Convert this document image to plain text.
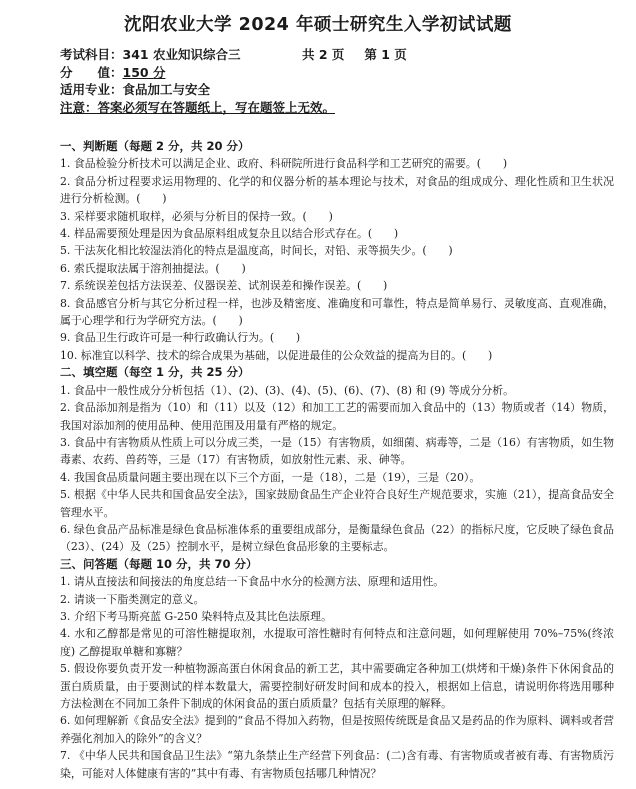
沈阳农业大学 2024 年硕士研究生入学初试试题
考试科目： 341 农业知识综合三	共 2 页 第 1 页
分　　值： 150 分
适用专业： 食品加工与安全
注意：答案必须写在答题纸上，写在题签上无效。

一、判断题（每题 2 分，共 20 分）

1. 食品检验分析技术可以满足企业、政府、科研院所进行食品科学和工艺研究的需要。(　　)

2. 食品分析过程要求运用物理的、化学的和仪器分析的基本理论与技术，对食品的组成成分、理化性质和卫生状况进行分析检测。(　　)

3. 采样要求随机取样，必须与分析目的保持一致。(　　)

4. 样品需要预处理是因为食品原料组成复杂且以结合形式存在。(　　)

5. 干法灰化相比较湿法消化的特点是温度高，时间长，对铅、汞等损失少。(　　)

6. 索氏提取法属于溶剂抽提法。(　　)

7. 系统误差包括方法误差、仪器误差、试剂误差和操作误差。(　　)

8. 食品感官分析与其它分析过程一样，也涉及精密度、准确度和可靠性，特点是简单易行、灵敏度高、直观准确，属于心理学和行为学研究方法。(　　)

9. 食品卫生行政许可是一种行政确认行为。(　　)

10. 标准宜以科学、技术的综合成果为基础，以促进最佳的公众效益的提高为目的。(　　)

二、填空题（每空 1 分，共 25 分）

1. 食品中一般性成分分析包括（1）、(2)、(3)、(4)、(5)、(6)、(7)、(8) 和 (9) 等成分分析。

2. 食品添加剂是指为（10）和（11）以及（12）和加工工艺的需要而加入食品中的（13）物质或者（14）物质，我国对添加剂的使用品种、使用范围及用量有严格的规定。

3. 食品中有害物质从性质上可以分成三类，一是（15）有害物质，如细菌、病毒等，二是（16）有害物质，如生物毒素、农药、兽药等，三是（17）有害物质，如放射性元素、汞、砷等。

4. 我国食品质量问题主要出现在以下三个方面，一是（18），二是（19），三是（20）。

5. 根据《中华人民共和国食品安全法》，国家鼓励食品生产企业符合良好生产规范要求，实施（21），提高食品安全管理水平。

6. 绿色食品产品标准是绿色食品标准体系的重要组成部分，是衡量绿色食品（22）的指标尺度，它反映了绿色食品（23）、(24）及（25）控制水平，是树立绿色食品形象的主要标志。

三、问答题（每题 10 分，共 70 分）

1. 请从直接法和间接法的角度总结一下食品中水分的检测方法、原理和适用性。

2. 请谈一下脂类测定的意义。

3. 介绍下考马斯亮蓝 G-250 染料特点及其比色法原理。

4. 水和乙醇都是常见的可溶性糖提取剂，水提取可溶性糖时有何特点和注意问题，如何理解使用 70%–75%(终浓度) 乙醇提取单糖和寡糖？

5. 假设你要负责开发一种植物源高蛋白休闲食品的新工艺，其中需要确定各种加工(烘烤和干燥)条件下休闲食品的蛋白质质量，由于要测试的样本数量大，需要控制好研发时间和成本的投入，根据如上信息，请说明你将选用哪种方法检测在不同加工条件下制成的休闲食品的蛋白质质量？包括有关原理的解释。

6. 如何理解新《食品安全法》提到的“食品不得加入药物，但是按照传统既是食品又是药品的作为原料、调料或者营养强化剂加入的除外”的含义？

7. 《中华人民共和国食品卫生法》“第九条禁止生产经营下列食品：(二)含有毒、有害物质或者被有毒、有害物质污染，可能对人体健康有害的”其中有毒、有害物质包括哪几种情况？
